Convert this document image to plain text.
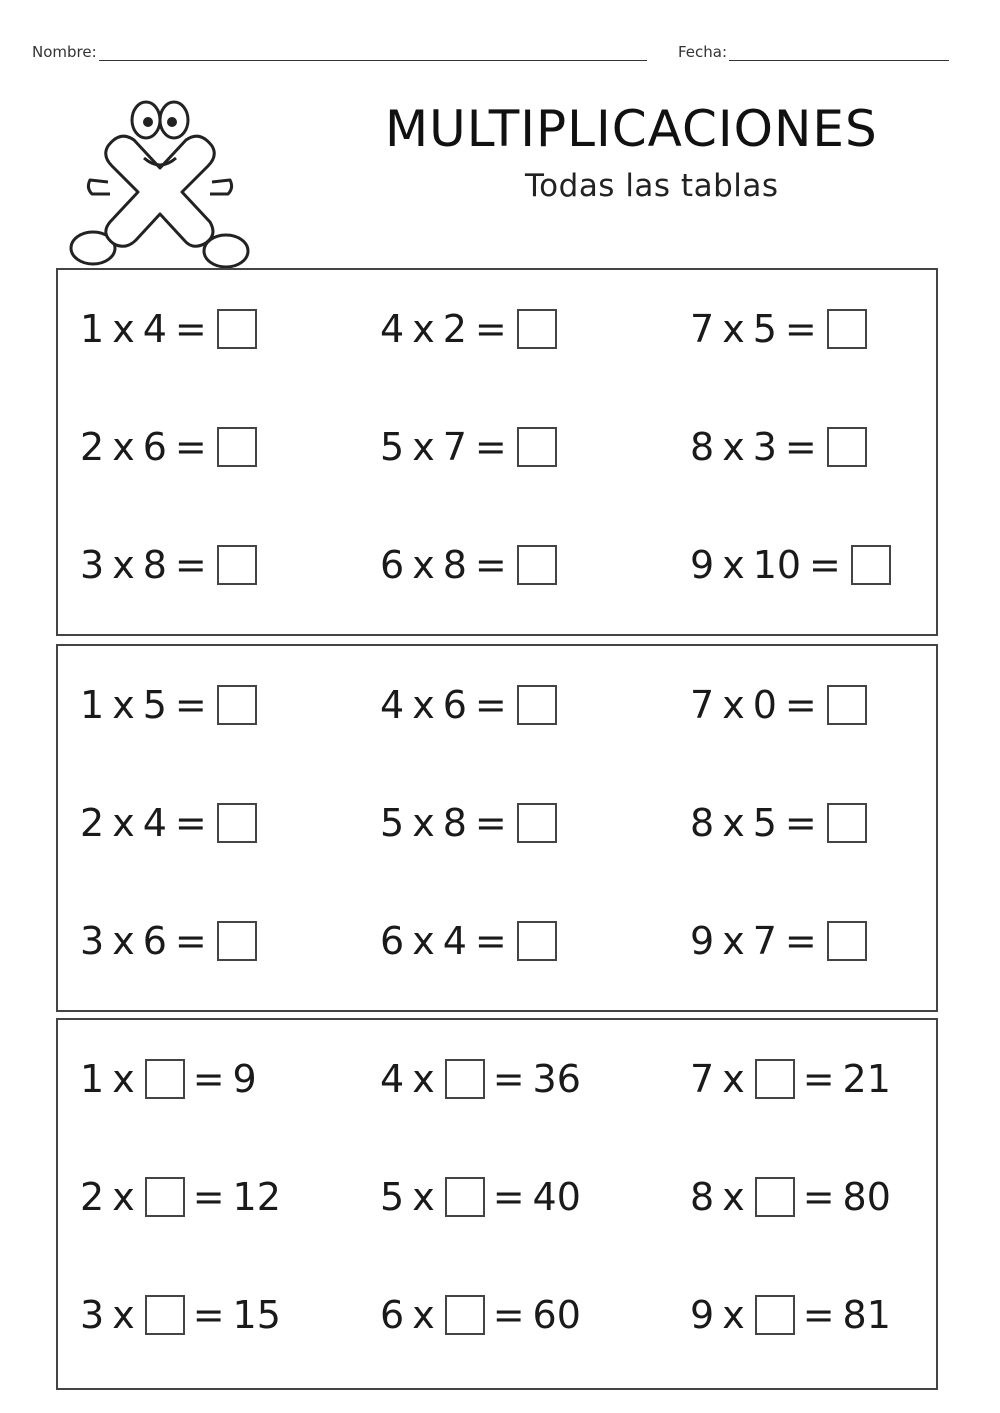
Nombre:	Fecha:
MULTIPLICACIONES
Todas las tablas
1 x 4 =	4 x 2 =	7 x 5 =
2 x 6 =	5 x 7 =	8 x 3 =
3 x 8 =	6 x 8 =	9 x 10 =
1 x 5 =	4 x 6 =	7 x 0 =
2 x 4 =	5 x 8 =	8 x 5 =
3 x 6 =	6 x 4 =	9 x 7 =
1 x = 9	4 x = 36	7 x = 21
2 x = 12	5 x = 40	8 x = 80
3 x = 15	6 x = 60	9 x = 81
